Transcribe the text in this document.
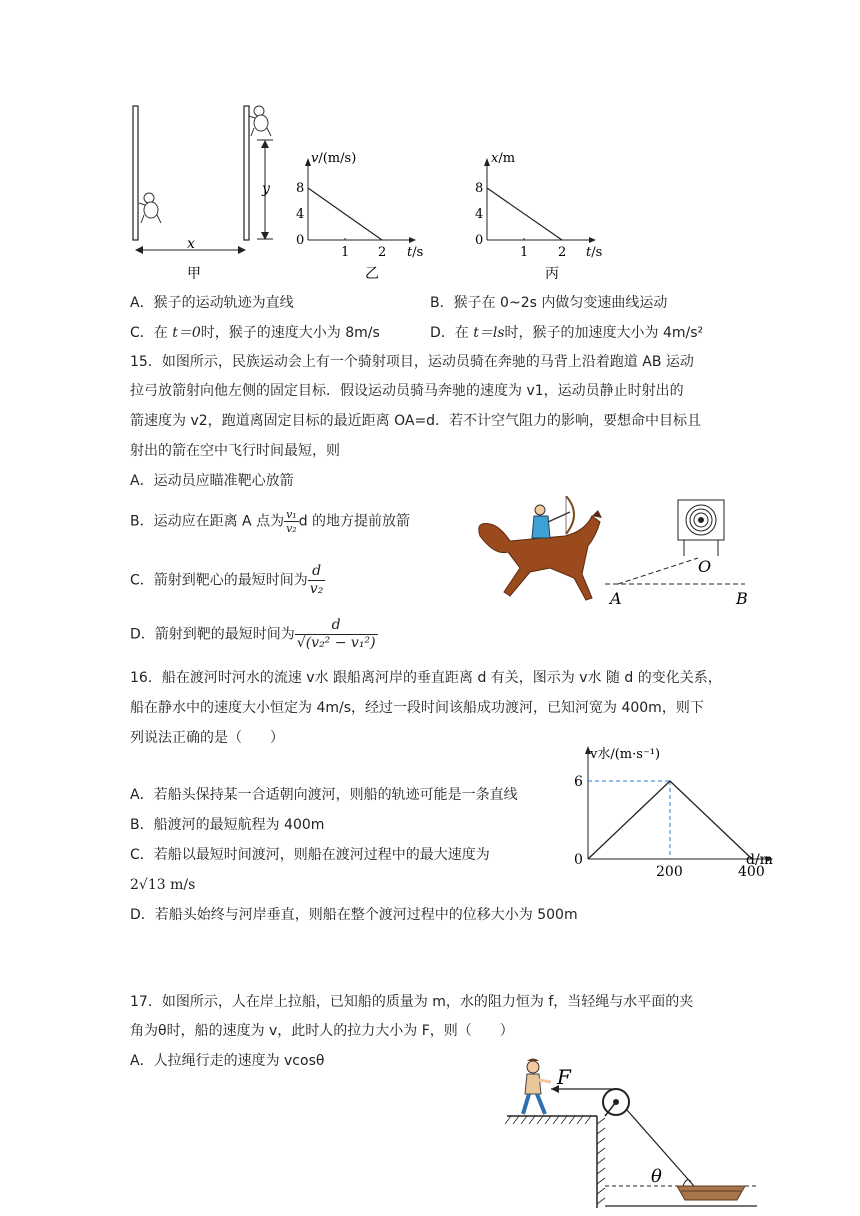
y
x
v/(m/s)
8
4
0
1 2 t/s
x/m
8
4
0
1 2 t/s
甲	乙	丙
A．猴子的运动轨迹为直线	B．猴子在 0~2s 内做匀变速曲线运动
C．在 t＝0时，猴子的速度大小为 8m/s	D．在 t＝ls时，猴子的加速度大小为 4m/s²
15．如图所示，民族运动会上有一个骑射项目，运动员骑在奔驰的马背上沿着跑道 AB 运动
拉弓放箭射向他左侧的固定目标．假设运动员骑马奔驰的速度为 v1，运动员静止时射出的
箭速度为 v2，跑道离固定目标的最近距离 OA=d．若不计空气阻力的影响，要想命中目标且
射出的箭在空中飞行时间最短，则
A．运动员应瞄准靶心放箭
B．运动应在距离 A 点为 $\frac{\text{v₁}}{\text{v₂}}$ d 的地方提前放箭
C．箭射到靶心的最短时间为 $\frac{d}{\text{v₂}}$
D．箭射到靶的最短时间为 $\frac{d}{\text{√(v₂² − v₁²)}}$
A	B
O
16．船在渡河时河水的流速 v水 跟船离河岸的垂直距离 d 有关，图示为 v水 随 d 的变化关系，
船在静水中的速度大小恒定为 4m/s，经过一段时间该船成功渡河，已知河宽为 400m，则下
列说法正确的是（　　）
A．若船头保持某一合适朝向渡河，则船的轨迹可能是一条直线
B．船渡河的最短航程为 400m
C．若船以最短时间渡河，则船在渡河过程中的最大速度为
2√13 m/s
D．若船头始终与河岸垂直，则船在整个渡河过程中的位移大小为 500m
v水/(m·s⁻¹)
6
0
200	400
d/m
17．如图所示，人在岸上拉船，已知船的质量为 m，水的阻力恒为 f，当轻绳与水平面的夹
角为θ时，船的速度为 v，此时人的拉力大小为 F，则（　　）
A．人拉绳行走的速度为 vcosθ
F
θ
